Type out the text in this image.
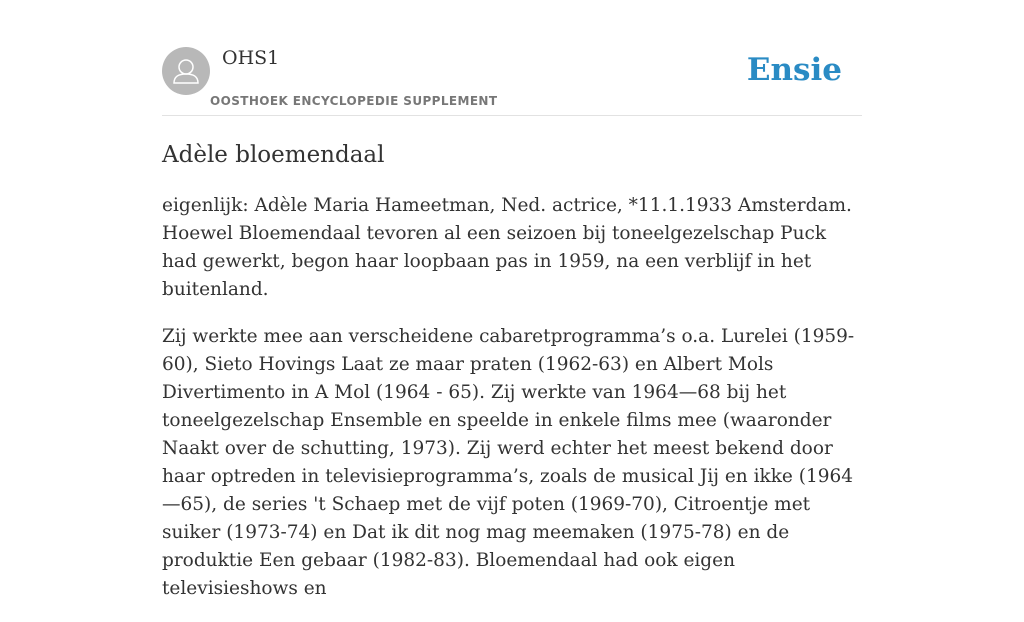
OHS1
OOSTHOEK ENCYCLOPEDIE SUPPLEMENT
Ensie
Adèle bloemendaal

eigenlijk: Adèle Maria Hameetman, Ned. actrice, *11.1.1933 Amsterdam. Hoewel Bloemendaal tevoren al een seizoen bij toneelgezelschap Puck had gewerkt, begon haar loopbaan pas in 1959, na een verblijf in het buitenland.

Zij werkte mee aan verscheidene cabaretprogramma’s o.a. Lurelei (1959- 60), Sieto Hovings Laat ze maar praten (1962-63) en Albert Mols Divertimento in A Mol (1964 - 65). Zij werkte van 1964—68 bij het toneelgezelschap Ensemble en speelde in enkele films mee (waaronder Naakt over de schutting, 1973). Zij werd echter het meest bekend door haar optreden in televisieprogramma’s, zoals de musical Jij en ikke (1964—65), de series 't Schaep met de vijf poten (1969-70), Citroentje met suiker (1973-74) en Dat ik dit nog mag meemaken (1975-78) en de produktie Een gebaar (1982-83). Bloemendaal had ook eigen televisieshows en
